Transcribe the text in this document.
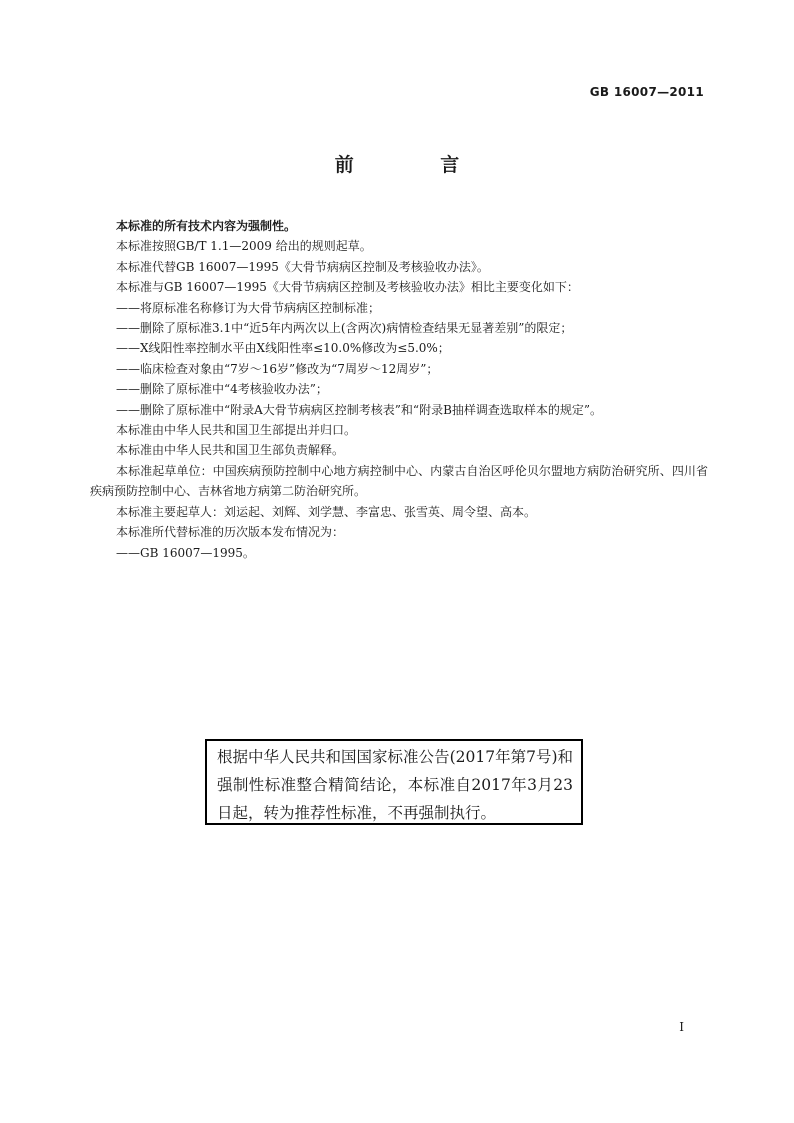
GB 16007—2011
前 言

本标准的所有技术内容为强制性。

本标准按照GB/T 1.1—2009 给出的规则起草。

本标准代替GB 16007—1995《大骨节病病区控制及考核验收办法》。

本标准与GB 16007—1995《大骨节病病区控制及考核验收办法》相比主要变化如下：

——将原标准名称修订为大骨节病病区控制标准；

——删除了原标准3.1中“近5年内两次以上(含两次)病情检查结果无显著差别”的限定；

——X线阳性率控制水平由X线阳性率≤10.0%修改为≤5.0%；

——临床检查对象由“7岁～16岁”修改为“7周岁～12周岁”；

——删除了原标准中“4考核验收办法”；

——删除了原标准中“附录A大骨节病病区控制考核表”和“附录B抽样调查选取样本的规定”。

本标准由中华人民共和国卫生部提出并归口。

本标准由中华人民共和国卫生部负责解释。

本标准起草单位：中国疾病预防控制中心地方病控制中心、内蒙古自治区呼伦贝尔盟地方病防治研究所、四川省疾病预防控制中心、吉林省地方病第二防治研究所。

本标准主要起草人：刘运起、刘辉、刘学慧、李富忠、张雪英、周令望、高本。

本标准所代替标准的历次版本发布情况为：

——GB 16007—1995。

根据中华人民共和国国家标准公告(2017年第7号)和强制性标准整合精简结论，本标准自2017年3月23日起，转为推荐性标准，不再强制执行。
I
